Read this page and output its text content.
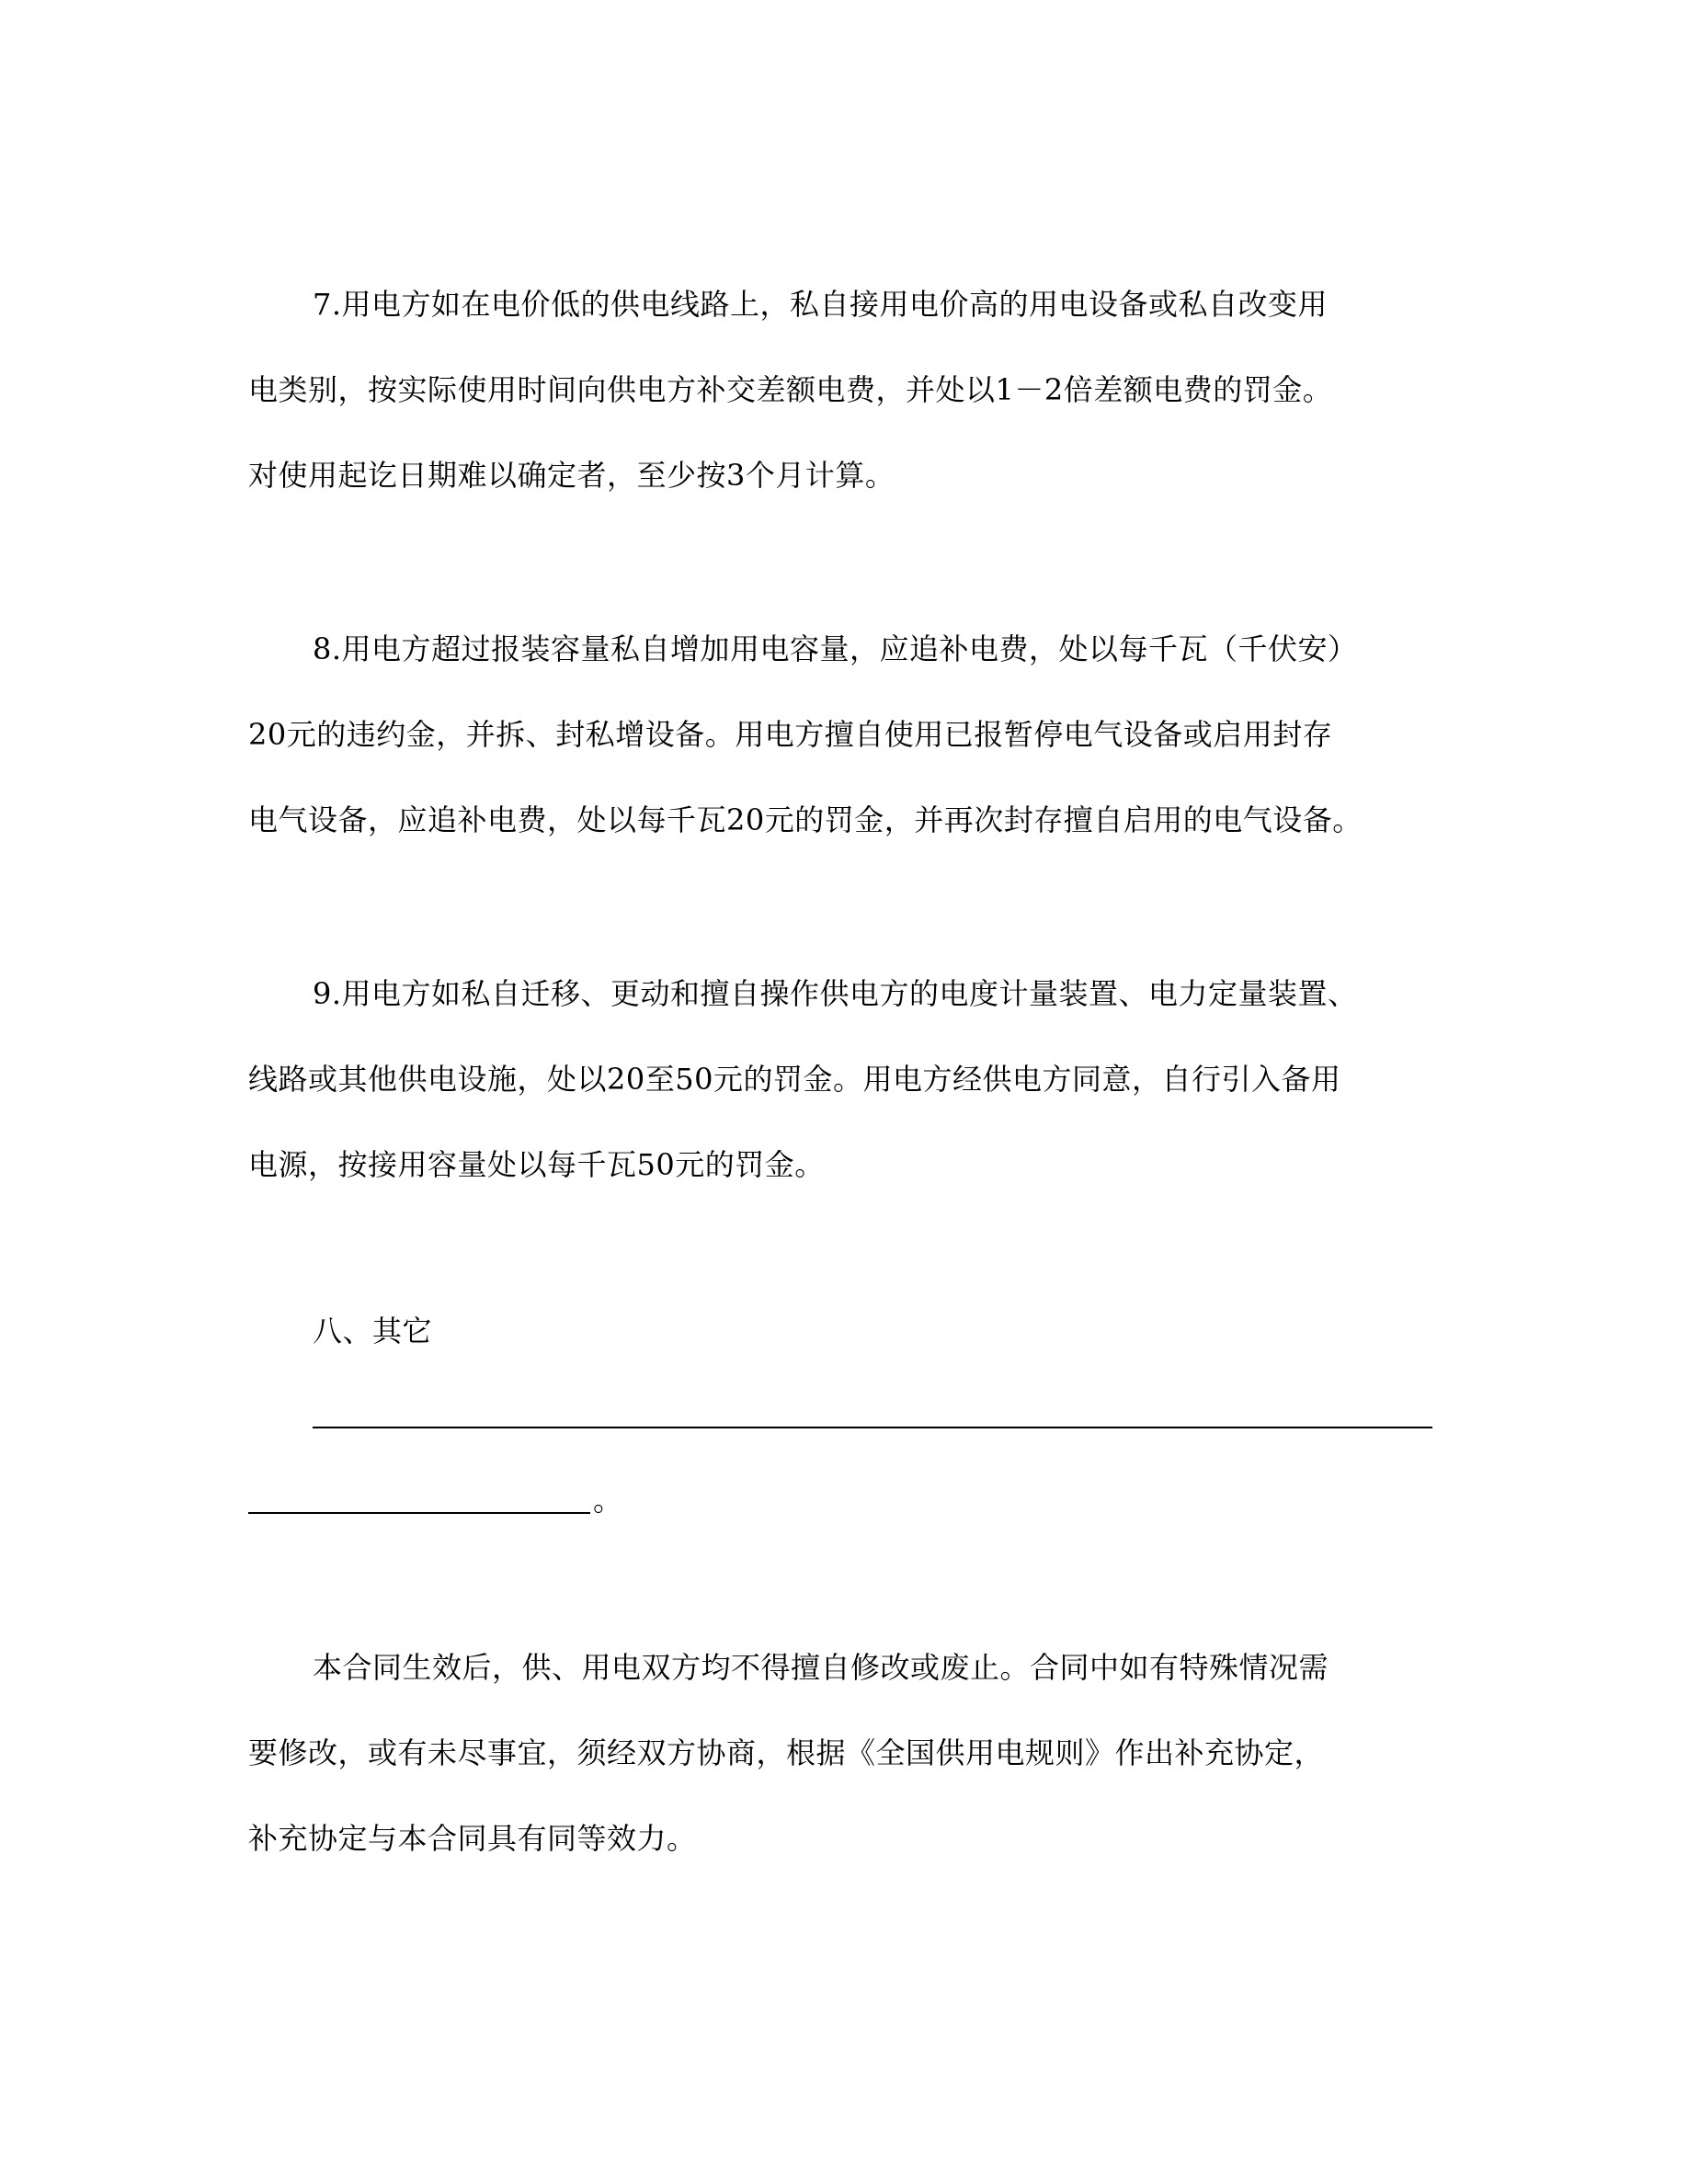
7.用电方如在电价低的供电线路上，私自接用电价高的用电设备或私自改变用
电类别，按实际使用时间向供电方补交差额电费，并处以1－2倍差额电费的罚金。
对使用起讫日期难以确定者，至少按3个月计算。
8.用电方超过报装容量私自增加用电容量，应追补电费，处以每千瓦（千伏安）
20元的违约金，并拆、封私增设备。用电方擅自使用已报暂停电气设备或启用封存
电气设备，应追补电费，处以每千瓦20元的罚金，并再次封存擅自启用的电气设备。
9.用电方如私自迁移、更动和擅自操作供电方的电度计量装置、电力定量装置、
线路或其他供电设施，处以20至50元的罚金。用电方经供电方同意，自行引入备用
电源，按接用容量处以每千瓦50元的罚金。
八、其它
。
本合同生效后，供、用电双方均不得擅自修改或废止。合同中如有特殊情况需
要修改，或有未尽事宜，须经双方协商，根据《全国供用电规则》作出补充协定，
补充协定与本合同具有同等效力。
